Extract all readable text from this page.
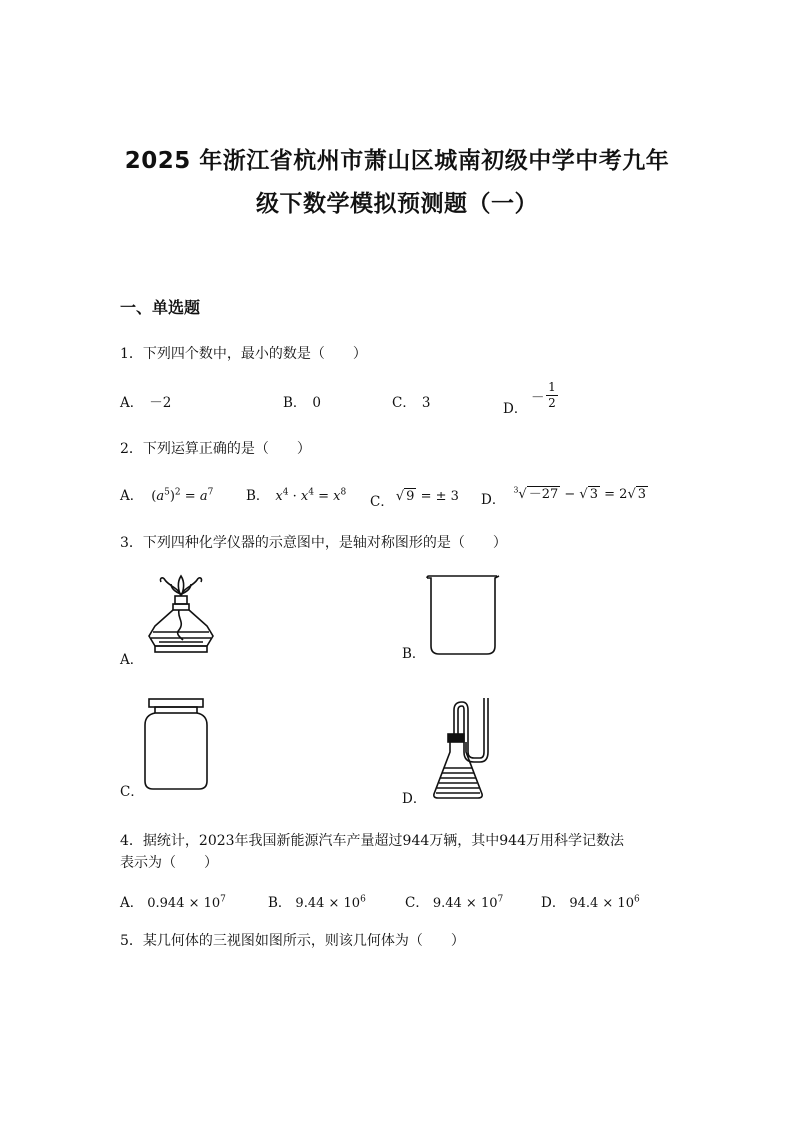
2025 年浙江省杭州市萧山区城南初级中学中考九年
级下数学模拟预测题（一）
一、单选题
1．下列四个数中，最小的数是（　　）
A． －2	B． 0	C． 3	D．
－
1
2
2．下列运算正确的是（　　）
A． $(a^5)^2 = a^7$ B． $x^4 \cdot x^4 = x^8$
C． √ 9 = ± 3 D．$^3$√ －27 − √ 3 = 2√ 3
3．下列四种化学仪器的示意图中，是轴对称图形的是（　　）
A．	B．
C．	D．
4．据统计，2023年我国新能源汽车产量超过944万辆，其中944万用科学记数法
表示为（　　）
A． $0.944 \times 10^7$	B． $9.44 \times 10^6$	C． $9.44 \times 10^7$	D． $94.4 \times 10^6$
5．某几何体的三视图如图所示，则该几何体为（　　）
